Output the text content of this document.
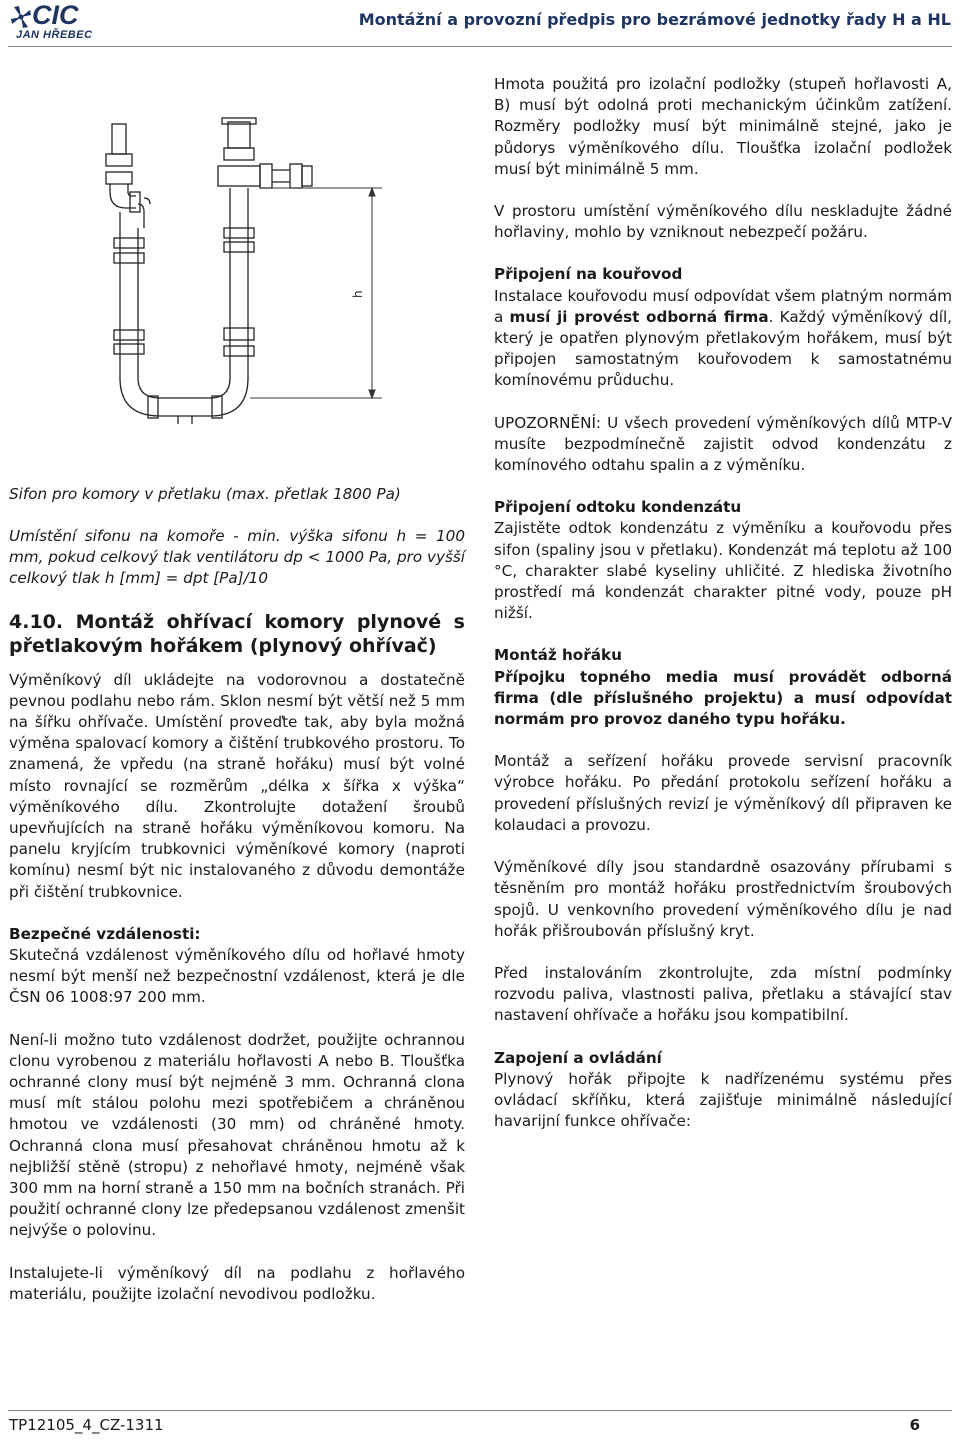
CIC
JAN HŘEBEC
Montážní a provozní předpis pro bezrámové jednotky řady H a HL
h

Sifon pro komory v přetlaku (max. přetlak 1800 Pa)

Umístění sifonu na komoře - min. výška sifonu h = 100 mm, pokud celkový tlak ventilátoru dp < 1000 Pa, pro vyšší celkový tlak h [mm] = dpt [Pa]/10

4.10. Montáž ohřívací komory plynové s přetlakovým hořákem (plynový ohřívač)

Výměníkový díl ukládejte na vodorovnou a dostatečně pevnou podlahu nebo rám. Sklon nesmí být větší než 5 mm na šířku ohřívače. Umístění proveďte tak, aby byla možná výměna spalovací komory a čištění trubkového prostoru. To znamená, že vpředu (na straně hořáku) musí být volné místo rovnající se rozměrům „délka x šířka x výška“ výměníkového dílu. Zkontrolujte dotažení šroubů upevňujících na straně hořáku výměníkovou komoru. Na panelu kryjícím trubkovnici výměníkové komory (naproti komínu) nesmí být nic instalovaného z důvodu demontáže při čištění trubkovnice.

Bezpečné vzdálenosti:

Skutečná vzdálenost výměníkového dílu od hořlavé hmoty nesmí být menší než bezpečnostní vzdálenost, která je dle ČSN 06 1008:97 200 mm.

Není-li možno tuto vzdálenost dodržet, použijte ochrannou clonu vyrobenou z materiálu hořlavosti A nebo B. Tloušťka ochranné clony musí být nejméně 3 mm. Ochranná clona musí mít stálou polohu mezi spotřebičem a chráněnou hmotou ve vzdálenosti (30 mm) od chráněné hmoty. Ochranná clona musí přesahovat chráněnou hmotu až k nejbližší stěně (stropu) z nehořlavé hmoty, nejméně však 300 mm na horní straně a 150 mm na bočních stranách. Při použití ochranné clony lze předepsanou vzdálenost zmenšit nejvýše o polovinu.

Instalujete-li výměníkový díl na podlahu z hořlavého materiálu, použijte izolační nevodivou podložku.

Hmota použitá pro izolační podložky (stupeň hořlavosti A, B) musí být odolná proti mechanickým účinkům zatížení. Rozměry podložky musí být minimálně stejné, jako je půdorys výměníkového dílu. Tloušťka izolační podložek musí být minimálně 5 mm.

V prostoru umístění výměníkového dílu neskladujte žádné hořlaviny, mohlo by vzniknout nebezpečí požáru.

Připojení na kouřovod

Instalace kouřovodu musí odpovídat všem platným normám a musí ji provést odborná firma. Každý výměníkový díl, který je opatřen plynovým přetlakovým hořákem, musí být připojen samostatným kouřovodem k samostatnému komínovému průduchu.

UPOZORNĚNÍ: U všech provedení výměníkových dílů MTP-V musíte bezpodmínečně zajistit odvod kondenzátu z komínového odtahu spalin a z výměníku.

Připojení odtoku kondenzátu

Zajistěte odtok kondenzátu z výměníku a kouřovodu přes sifon (spaliny jsou v přetlaku). Kondenzát má teplotu až 100 °C, charakter slabé kyseliny uhličité. Z hlediska životního prostředí má kondenzát charakter pitné vody, pouze pH nižší.

Montáž hořáku

Přípojku topného media musí provádět odborná firma (dle příslušného projektu) a musí odpovídat normám pro provoz daného typu hořáku.

Montáž a seřízení hořáku provede servisní pracovník výrobce hořáku. Po předání protokolu seřízení hořáku a provedení příslušných revizí je výměníkový díl připraven ke kolaudaci a provozu.

Výměníkové díly jsou standardně osazovány přírubami s těsněním pro montáž hořáku prostřednictvím šroubových spojů. U venkovního provedení výměníkového dílu je nad hořák přišroubován příslušný kryt.

Před instalováním zkontrolujte, zda místní podmínky rozvodu paliva, vlastnosti paliva, přetlaku a stávající stav nastavení ohřívače a hořáku jsou kompatibilní.

Zapojení a ovládání

Plynový hořák připojte k nadřízenému systému přes ovládací skříňku, která zajišťuje minimálně následující havarijní funkce ohřívače:

TP12105_4_CZ-1311	6
